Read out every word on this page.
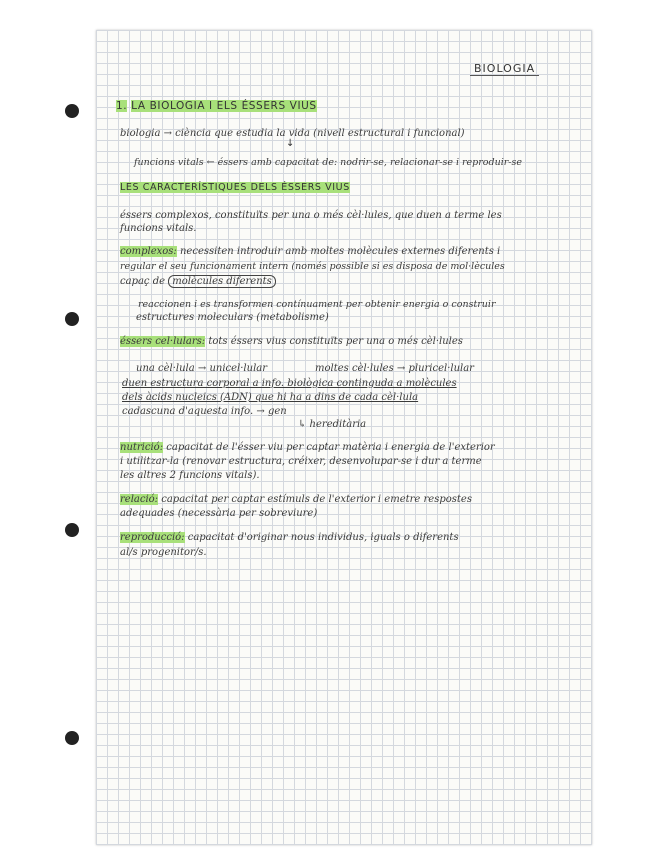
BIOLOGIA
1. LA BIOLOGIA I ELS ÉSSERS VIUS
biologia → ciència que estudia la vida (nivell estructural i funcional)
↓
funcions vitals ← éssers amb capacitat de: nodrir-se, relacionar-se i reproduir-se
LES CARACTERÍSTIQUES DELS ÉSSERS VIUS
éssers complexos, constituïts per una o més cèl·lules, que duen a terme les
funcions vitals.
complexos: necessiten introduir amb moltes molècules externes diferents i
regular el seu funcionament intern (només possible si es disposa de mol·lècules
capaç de molècules diferents
reaccionen i es transformen contínuament per obtenir energia o construir
estructures moleculars (metabolisme)
éssers cel·lulars: tots éssers vius constituïts per una o més cèl·lules
una cèl·lula → unicel·lular	moltes cèl·lules → pluricel·lular
duen estructura corporal a info. biològica continguda a molècules
dels àcids nucleics (ADN) que hi ha a dins de cada cèl·lula
cadascuna d'aquesta info. → gen
↳ hereditària
nutrició: capacitat de l'ésser viu per captar matèria i energia de l'exterior
i utilitzar-la (renovar estructura, créixer, desenvolupar-se i dur a terme
les altres 2 funcions vitals).
relació: capacitat per captar estímuls de l'exterior i emetre respostes
adequades (necessària per sobreviure)
reproducció: capacitat d'originar nous individus, iguals o diferents
al/s progenitor/s.
